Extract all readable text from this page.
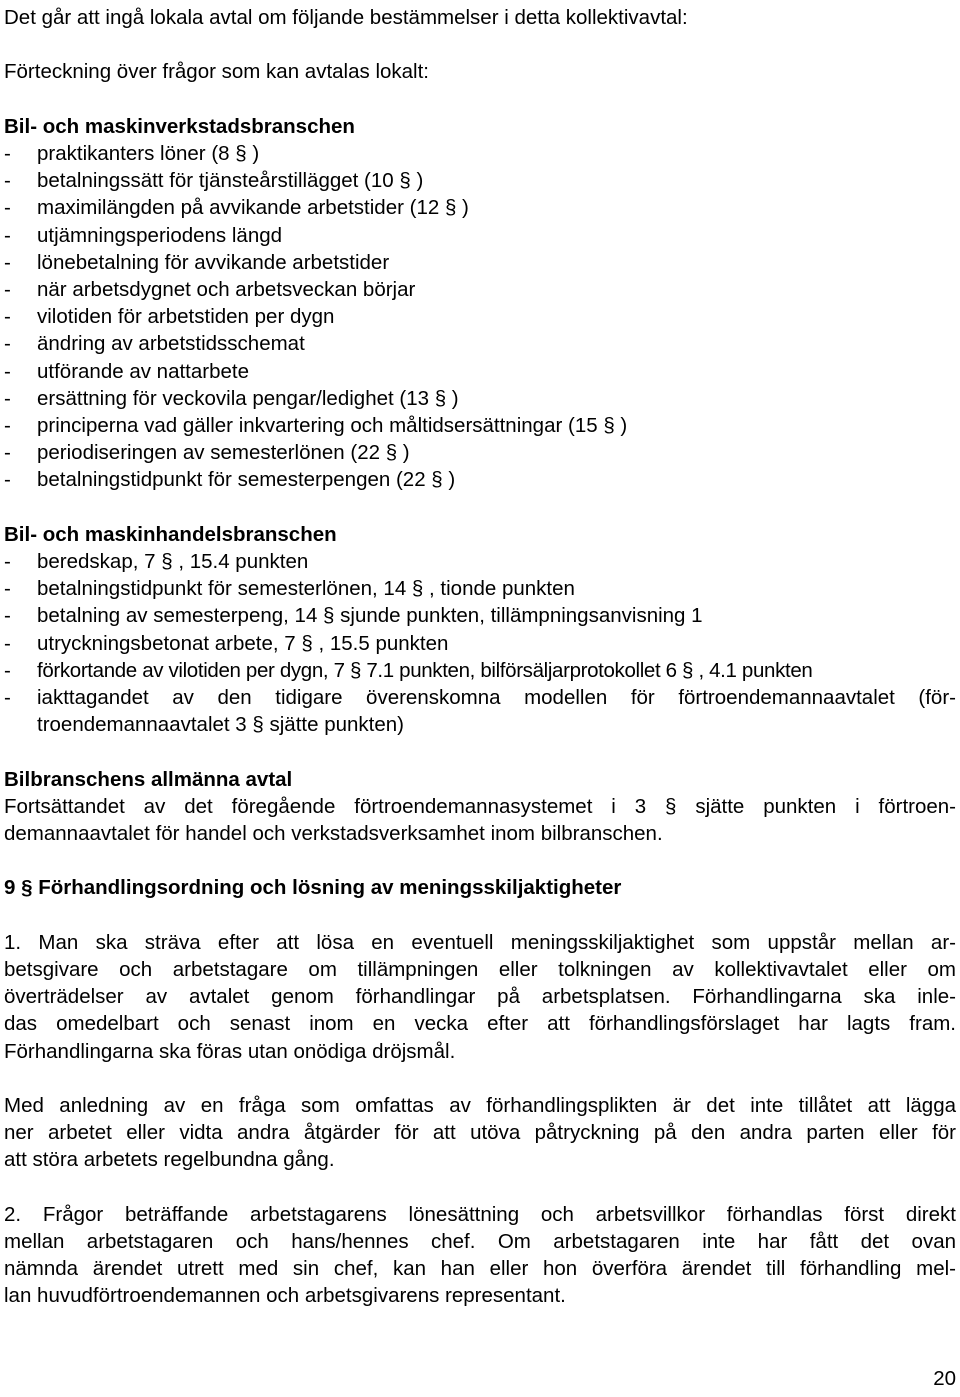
Det går att ingå lokala avtal om följande bestämmelser i detta kollektivavtal:

Förteckning över frågor som kan avtalas lokalt:

Bil- och maskinverkstadsbranschen

- praktikanters löner (8 § )
- betalningssätt för tjänsteårstillägget (10 § )
- maximilängden på avvikande arbetstider (12 § )
- utjämningsperiodens längd
- lönebetalning för avvikande arbetstider
- när arbetsdygnet och arbetsveckan börjar
- vilotiden för arbetstiden per dygn
- ändring av arbetstidsschemat
- utförande av nattarbete
- ersättning för veckovila pengar/ledighet (13 § )
- principerna vad gäller inkvartering och måltidsersättningar (15 § )
- periodiseringen av semesterlönen (22 § )
- betalningstidpunkt för semesterpengen (22 § )

Bil- och maskinhandelsbranschen

- beredskap, 7 § , 15.4 punkten
- betalningstidpunkt för semesterlönen, 14 § , tionde punkten
- betalning av semesterpeng, 14 § sjunde punkten, tillämpningsanvisning 1
- utryckningsbetonat arbete, 7 § , 15.5 punkten
- förkortande av vilotiden per dygn, 7 § 7.1 punkten, bilförsäljarprotokollet 6 § , 4.1 punkten
- iakttagandet av den tidigare överenskomna modellen för förtroendemannaavtalet (för-
troendemannaavtalet 3 § sjätte punkten)

Bilbranschens allmänna avtal

Fortsättandet av det föregående förtroendemannasystemet i 3 § sjätte punkten i förtroen-

demannaavtalet för handel och verkstadsverksamhet inom bilbranschen.

9 § Förhandlingsordning och lösning av meningsskiljaktigheter

1. Man ska sträva efter att lösa en eventuell meningsskiljaktighet som uppstår mellan ar-

betsgivare och arbetstagare om tillämpningen eller tolkningen av kollektivavtalet eller om

överträdelser av avtalet genom förhandlingar på arbetsplatsen. Förhandlingarna ska inle-

das omedelbart och senast inom en vecka efter att förhandlingsförslaget har lagts fram.

Förhandlingarna ska föras utan onödiga dröjsmål.

Med anledning av en fråga som omfattas av förhandlingsplikten är det inte tillåtet att lägga

ner arbetet eller vidta andra åtgärder för att utöva påtryckning på den andra parten eller för

att störa arbetets regelbundna gång.

2. Frågor beträffande arbetstagarens lönesättning och arbetsvillkor förhandlas först direkt

mellan arbetstagaren och hans/hennes chef. Om arbetstagaren inte har fått det ovan

nämnda ärendet utrett med sin chef, kan han eller hon överföra ärendet till förhandling mel-

lan huvudförtroendemannen och arbetsgivarens representant.

20
